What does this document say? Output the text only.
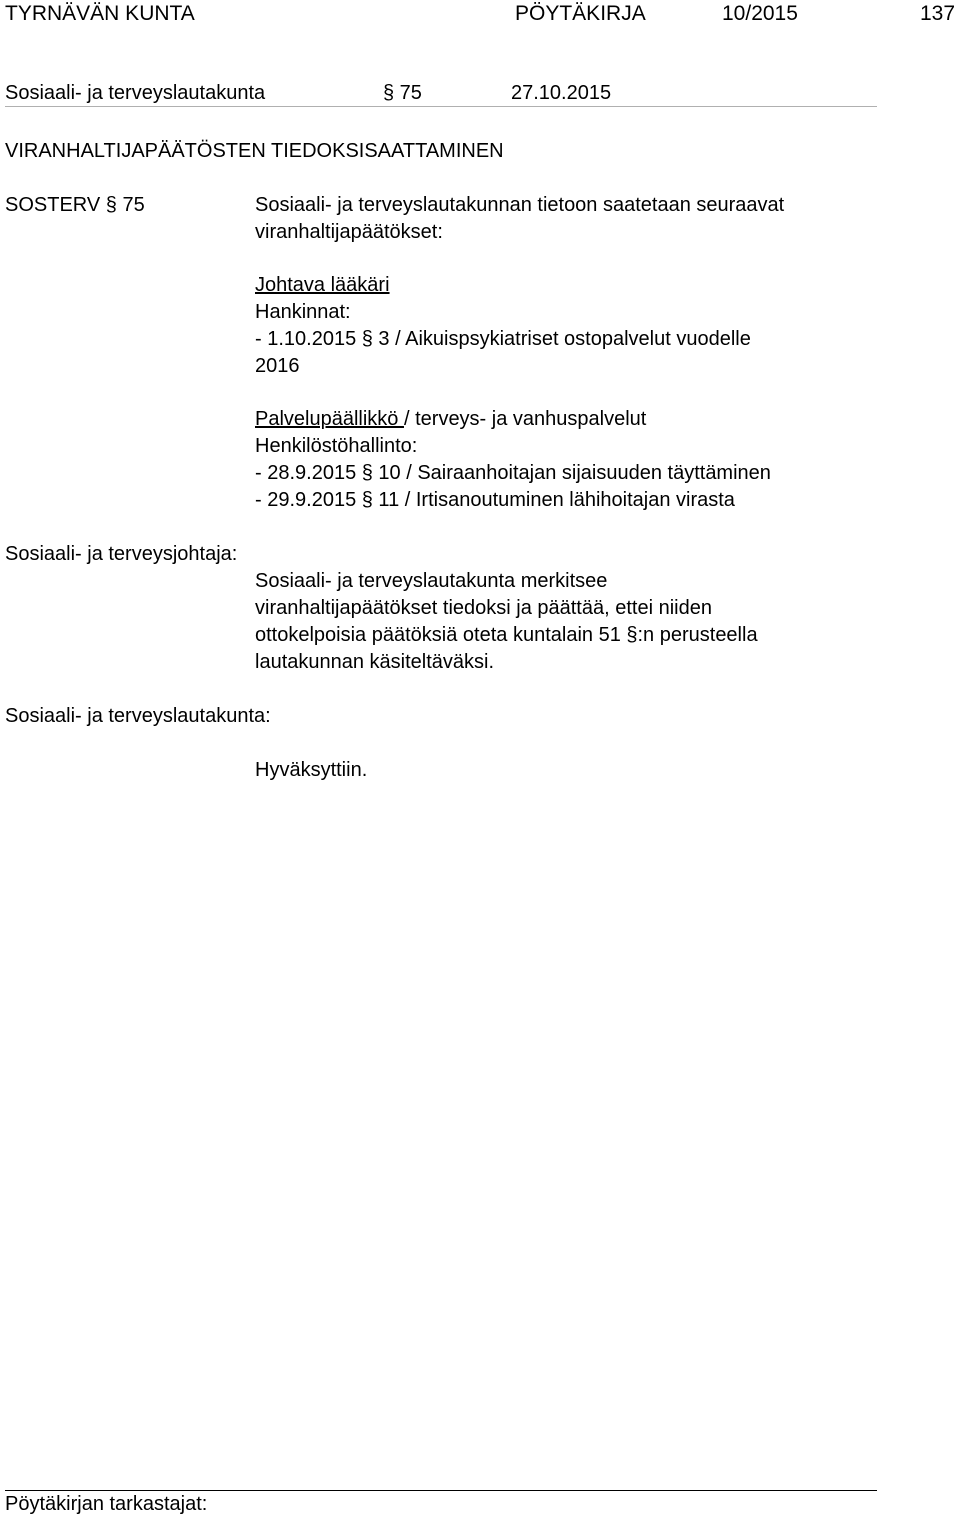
TYRNÄVÄN KUNTA	PÖYTÄKIRJA	10/2015	137
Sosiaali- ja terveyslautakunta	§ 75	27.10.2015
VIRANHALTIJAPÄÄTÖSTEN TIEDOKSISAATTAMINEN
SOSTERV § 75	Sosiaali- ja terveyslautakunnan tietoon saatetaan seuraavat
viranhaltijapäätökset:
Johtava lääkäri
Hankinnat:
- 1.10.2015 § 3 / Aikuispsykiatriset ostopalvelut vuodelle
2016
Palvelupäällikkö / terveys- ja vanhuspalvelut
Henkilöstöhallinto:
- 28.9.2015 § 10 / Sairaanhoitajan sijaisuuden täyttäminen
- 29.9.2015 § 11 / Irtisanoutuminen lähihoitajan virasta
Sosiaali- ja terveysjohtaja:
Sosiaali- ja terveyslautakunta merkitsee
viranhaltijapäätökset tiedoksi ja päättää, ettei niiden
ottokelpoisia päätöksiä oteta kuntalain 51 §:n perusteella
lautakunnan käsiteltäväksi.
Sosiaali- ja terveyslautakunta:
Hyväksyttiin.
Pöytäkirjan tarkastajat:
